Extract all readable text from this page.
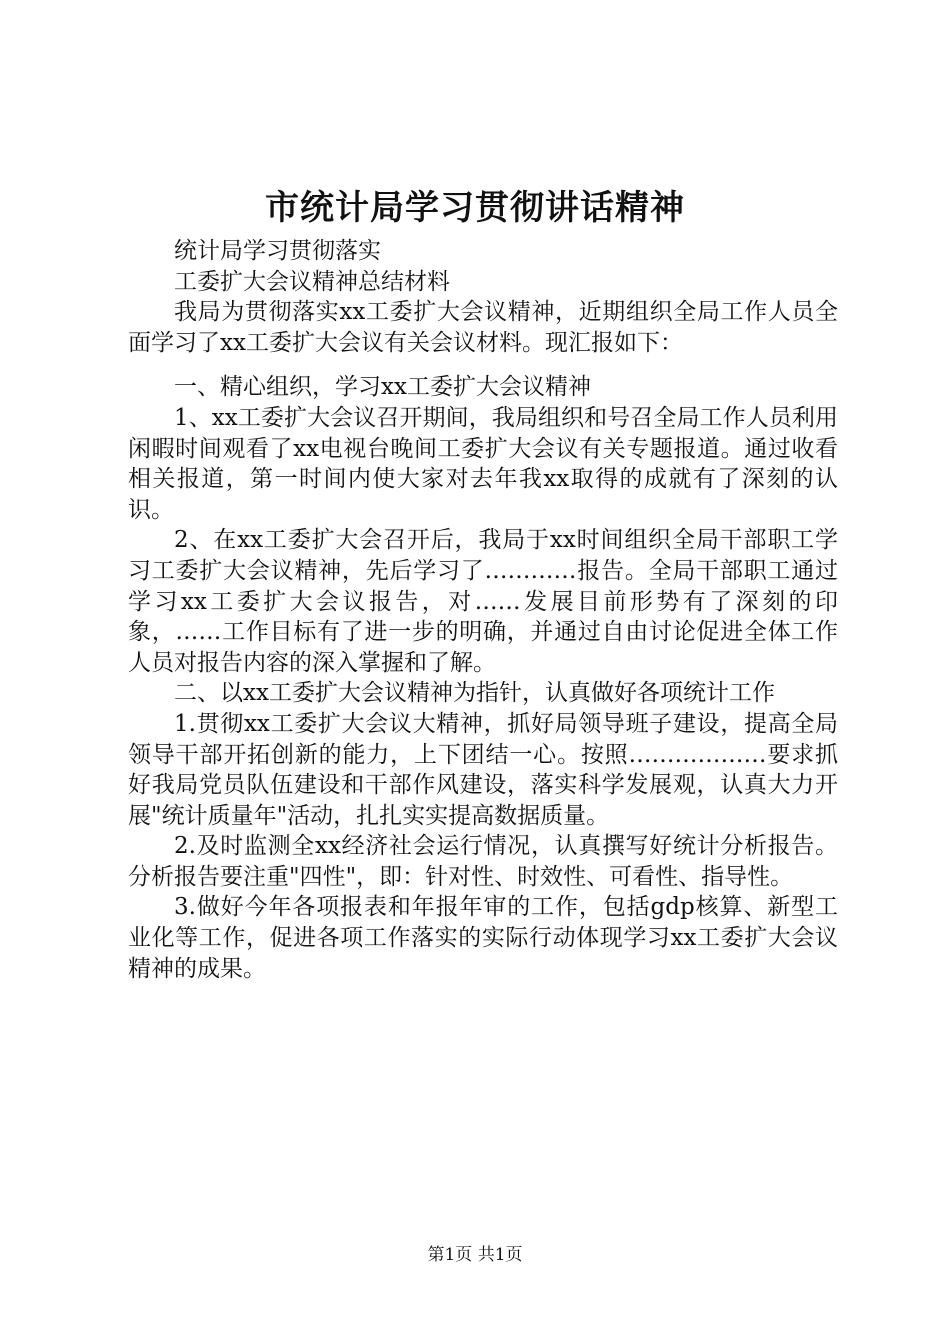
市统计局学习贯彻讲话精神

统计局学习贯彻落实

工委扩大会议精神总结材料

我局为贯彻落实xx工委扩大会议精神，近期组织全局工作人员全面学习了xx工委扩大会议有关会议材料。现汇报如下：

一、精心组织，学习xx工委扩大会议精神

1、xx工委扩大会议召开期间，我局组织和号召全局工作人员利用闲暇时间观看了xx电视台晚间工委扩大会议有关专题报道。通过收看相关报道，第一时间内使大家对去年我xx取得的成就有了深刻的认识。

2、在xx工委扩大会召开后，我局于xx时间组织全局干部职工学习工委扩大会议精神，先后学习了…………报告。全局干部职工通过学习xx工委扩大会议报告，对……发展目前形势有了深刻的印象，……工作目标有了进一步的明确，并通过自由讨论促进全体工作人员对报告内容的深入掌握和了解。

二、以xx工委扩大会议精神为指针，认真做好各项统计工作

1.贯彻xx工委扩大会议大精神，抓好局领导班子建设，提高全局领导干部开拓创新的能力，上下团结一心。按照………………要求抓好我局党员队伍建设和干部作风建设，落实科学发展观，认真大力开展"统计质量年"活动，扎扎实实提高数据质量。

2.及时监测全xx经济社会运行情况，认真撰写好统计分析报告。分析报告要注重"四性"，即：针对性、时效性、可看性、指导性。

3.做好今年各项报表和年报年审的工作，包括gdp核算、新型工业化等工作，促进各项工作落实的实际行动体现学习xx工委扩大会议精神的成果。

第1页 共1页
